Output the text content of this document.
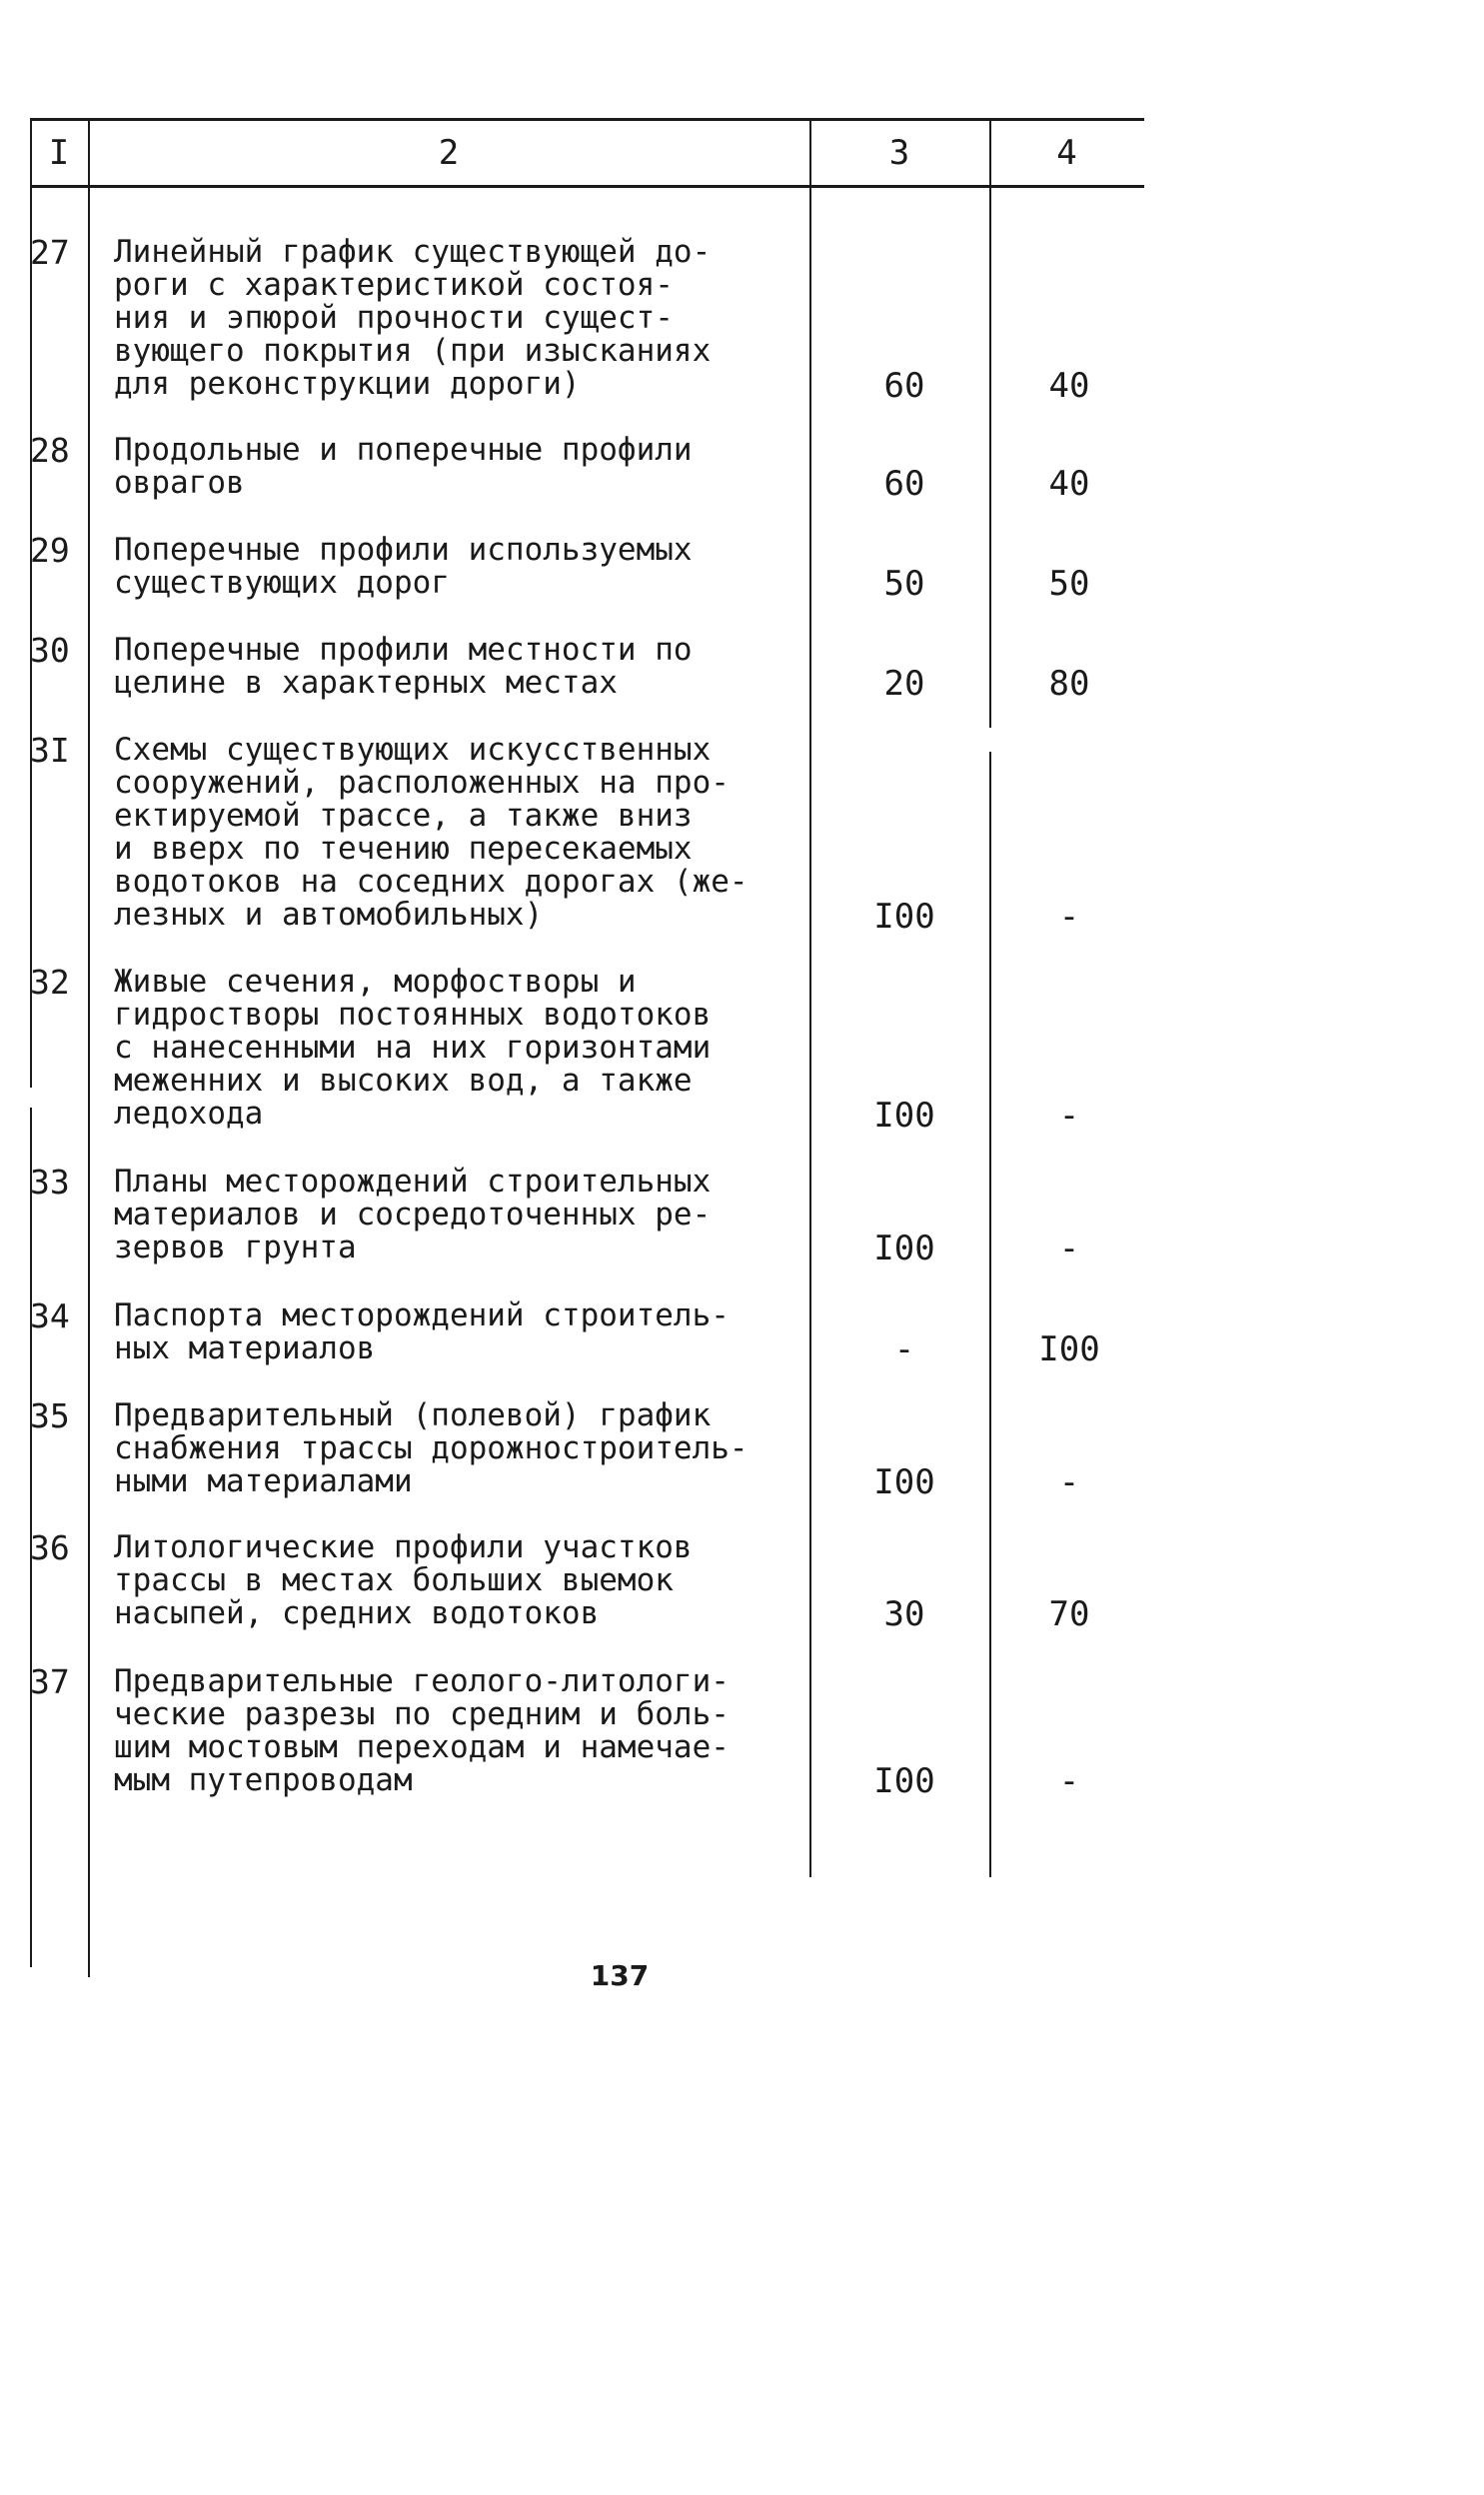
I	2	3	4
27	Линейный график существующей до-
роги с характеристикой состоя-
ния и эпюрой прочности сущест-
вующего покрытия (при изысканиях
для реконструкции дороги)	60	40
28	Продольные и поперечные профили
оврагов	60	40
29	Поперечные профили используемых
существующих дорог	50	50
30	Поперечные профили местности по
целине в характерных местах	20	80
3I	Схемы существующих искусственных
сооружений, расположенных на про-
ектируемой трассе, а также вниз
и вверх по течению пересекаемых
водотоков на соседних дорогах (же-
лезных и автомобильных)	I00	-
32	Живые сечения, морфостворы и
гидростворы постоянных водотоков
с нанесенными на них горизонтами
меженних и высоких вод, а также
ледохода	I00	-
33	Планы месторождений строительных
материалов и сосредоточенных ре-
зервов грунта	I00	-
34	Паспорта месторождений строитель-
ных материалов	-	I00
35	Предварительный (полевой) график
снабжения трассы дорожностроитель-
ными материалами	I00	-
36	Литологические профили участков
трассы в местах больших выемок
насыпей, средних водотоков	30	70
37	Предварительные геолого-литологи-
ческие разрезы по средним и боль-
шим мостовым переходам и намечае-
мым путепроводам	I00	-
137
